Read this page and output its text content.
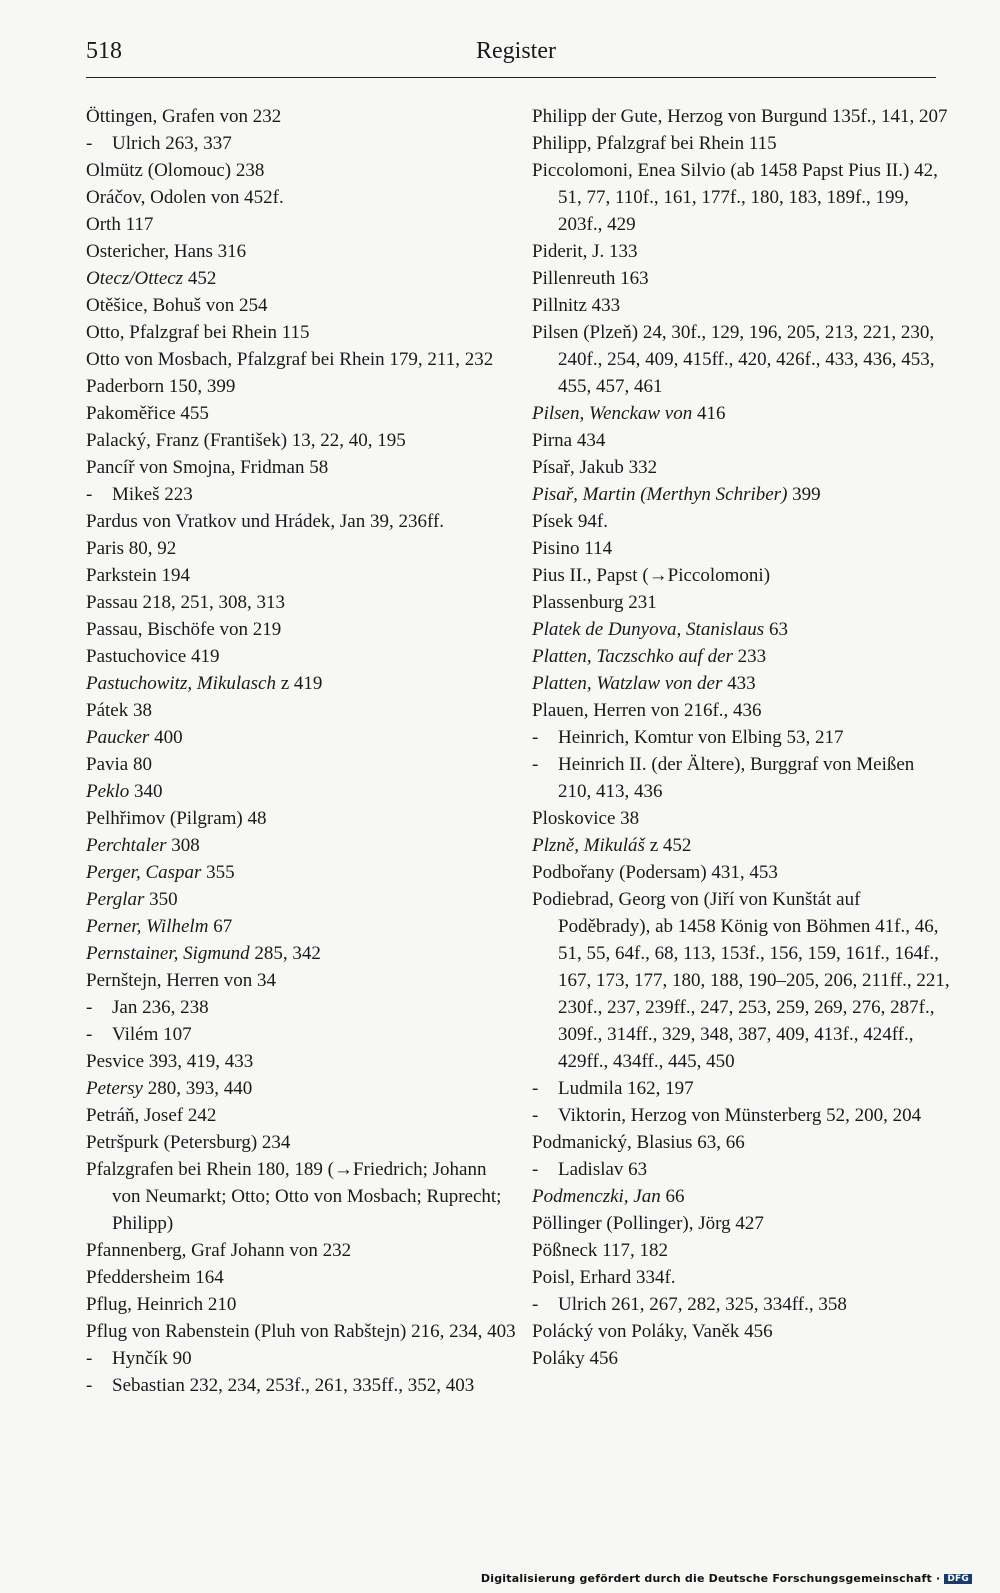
518	Register

Öttingen, Grafen von 232

- Ulrich 263, 337

Olmütz (Olomouc) 238

Oráčov, Odolen von 452f.

Orth 117

Ostericher, Hans 316

Otecz/Ottecz 452

Otěšice, Bohuš von 254

Otto, Pfalzgraf bei Rhein 115

Otto von Mosbach, Pfalzgraf bei Rhein 179, 211, 232

Paderborn 150, 399

Pakoměřice 455

Palacký, Franz (František) 13, 22, 40, 195

Pancíř von Smojna, Fridman 58

- Mikeš 223

Pardus von Vratkov und Hrádek, Jan 39, 236ff.

Paris 80, 92

Parkstein 194

Passau 218, 251, 308, 313

Passau, Bischöfe von 219

Pastuchovice 419

Pastuchowitz, Mikulasch z 419

Pátek 38

Paucker 400

Pavia 80

Peklo 340

Pelhřimov (Pilgram) 48

Perchtaler 308

Perger, Caspar 355

Perglar 350

Perner, Wilhelm 67

Pernstainer, Sigmund 285, 342

Pernštejn, Herren von 34

- Jan 236, 238

- Vilém 107

Pesvice 393, 419, 433

Petersy 280, 393, 440

Petráň, Josef 242

Petršpurk (Petersburg) 234

Pfalzgrafen bei Rhein 180, 189 (→Friedrich; Johann von Neumarkt; Otto; Otto von Mosbach; Ruprecht; Philipp)

Pfannenberg, Graf Johann von 232

Pfeddersheim 164

Pflug, Heinrich 210

Pflug von Rabenstein (Pluh von Rabštejn) 216, 234, 403

- Hynčík 90

- Sebastian 232, 234, 253f., 261, 335ff., 352, 403

Philipp der Gute, Herzog von Burgund 135f., 141, 207

Philipp, Pfalzgraf bei Rhein 115

Piccolomoni, Enea Silvio (ab 1458 Papst Pius II.) 42, 51, 77, 110f., 161, 177f., 180, 183, 189f., 199, 203f., 429

Piderit, J. 133

Pillenreuth 163

Pillnitz 433

Pilsen (Plzeň) 24, 30f., 129, 196, 205, 213, 221, 230, 240f., 254, 409, 415ff., 420, 426f., 433, 436, 453, 455, 457, 461

Pilsen, Wenckaw von 416

Pirna 434

Písař, Jakub 332

Pisař, Martin (Merthyn Schriber) 399

Písek 94f.

Pisino 114

Pius II., Papst (→Piccolomoni)

Plassenburg 231

Platek de Dunyova, Stanislaus 63

Platten, Taczschko auf der 233

Platten, Watzlaw von der 433

Plauen, Herren von 216f., 436

- Heinrich, Komtur von Elbing 53, 217

- Heinrich II. (der Ältere), Burggraf von Meißen 210, 413, 436

Ploskovice 38

Plzně, Mikuláš z 452

Podbořany (Podersam) 431, 453

Podiebrad, Georg von (Jiří von Kunštát auf Poděbrady), ab 1458 König von Böhmen 41f., 46, 51, 55, 64f., 68, 113, 153f., 156, 159, 161f., 164f., 167, 173, 177, 180, 188, 190–205, 206, 211ff., 221, 230f., 237, 239ff., 247, 253, 259, 269, 276, 287f., 309f., 314ff., 329, 348, 387, 409, 413f., 424ff., 429ff., 434ff., 445, 450

- Ludmila 162, 197

- Viktorin, Herzog von Münsterberg 52, 200, 204

Podmanický, Blasius 63, 66

- Ladislav 63

Podmenczki, Jan 66

Pöllinger (Pollinger), Jörg 427

Pößneck 117, 182

Poisl, Erhard 334f.

- Ulrich 261, 267, 282, 325, 334ff., 358

Polácký von Poláky, Vaněk 456

Poláky 456

Digitalisierung gefördert durch die Deutsche Forschungsgemeinschaft · DFG
